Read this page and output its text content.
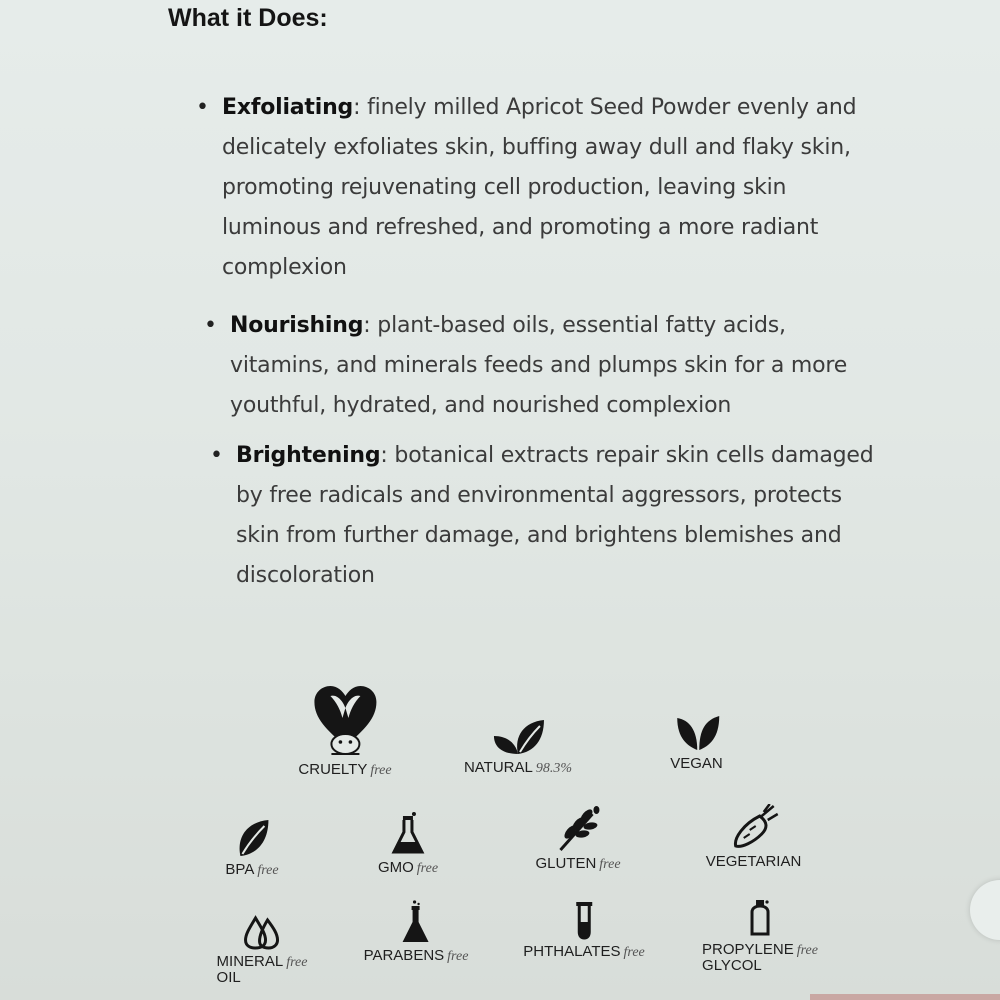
What it Does:
• Exfoliating: finely milled Apricot Seed Powder evenly and delicately exfoliates skin, buffing away dull and flaky skin, promoting rejuvenating cell production, leaving skin luminous and refreshed, and promoting a more radiant complexion
• Nourishing: plant-based oils, essential fatty acids, vitamins, and minerals feeds and plumps skin for a more youthful, hydrated, and nourished complexion
• Brightening: botanical extracts repair skin cells damaged by free radicals and environmental aggressors, protects skin from further damage, and brightens blemishes and discoloration
CRUELTY free	NATURAL 98.3%	VEGAN
BPA free	GMO free	GLUTEN free	VEGETARIAN
MINERAL
OILfree	PARABENS free	PHTHALATES free	PROPYLENE
GLYCOLfree
